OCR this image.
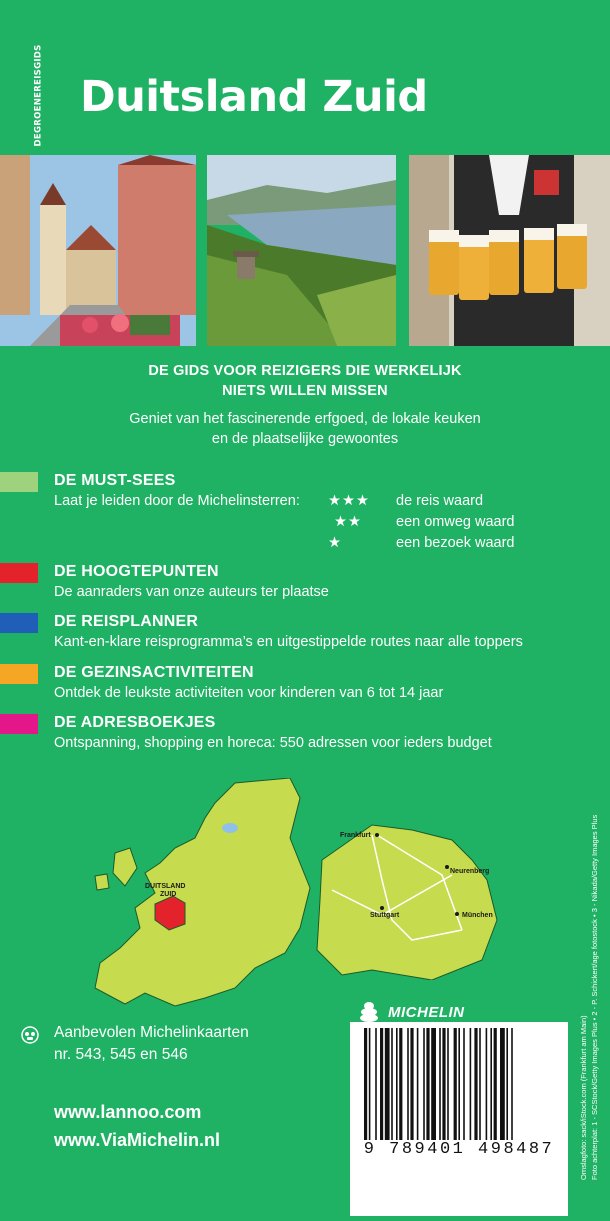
DEGROENEREISGIDS Duitsland Zuid
DE GIDS VOOR REIZIGERS DIE WERKELIJK
NIETS WILLEN MISSEN
Geniet van het fascinerende erfgoed, de lokale keuken
en de plaatselijke gewoontes
DE MUST-SEES
Laat je leiden door de Michelinsterren: ★★★ de reis waard
★★ een omweg waard
★	een bezoek waard
DE HOOGTEPUNTEN
De aanraders van onze auteurs ter plaatse
DE REISPLANNER
Kant-en-klare reisprogramma’s en uitgestippelde routes naar alle toppers
DE GEZINSACTIVITEITEN
Ontdek de leukste activiteiten voor kinderen van 6 tot 14 jaar
DE ADRESBOEKJES
Ontspanning, shopping en horeca: 550 adressen voor ieders budget
DUITSLAND
ZUID
Frankfurt
Neurenberg
Stuttgart	München
Aanbevolen Michelinkaarten
nr. 543, 545 en 546
www.lannoo.com
www.ViaMichelin.nl
MICHELIN
9 789401 498487	Omslagfoto: sack/iStock.com (Frankfurt am Main) Foto achterplat: 1 - SCStock/Getty Images Plus • 2 - P. Schickert/age fotostock • 3 - Nikada/Getty Images Plus
